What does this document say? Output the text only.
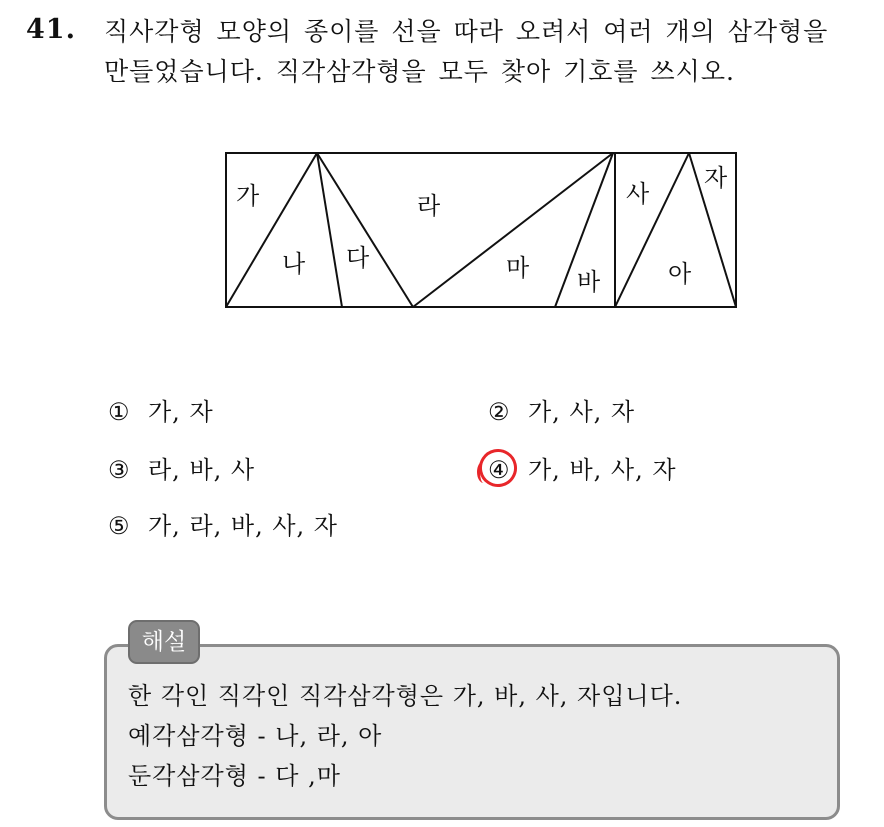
41. 직사각형 모양의 종이를 선을 따라 오려서 여러 개의 삼각형을
만들었습니다. 직각삼각형을 모두 찾아 기호를 쓰시오.
가
나 다
라
마 바
사
아
자
① 가, 자	② 가, 사, 자
③ 라, 바, 사	④ 가, 바, 사, 자
⑤ 가, 라, 바, 사, 자
해설
한 각인 직각인 직각삼각형은 가, 바, 사, 자입니다.
예각삼각형 - 나, 라, 아
둔각삼각형 - 다 ,마
